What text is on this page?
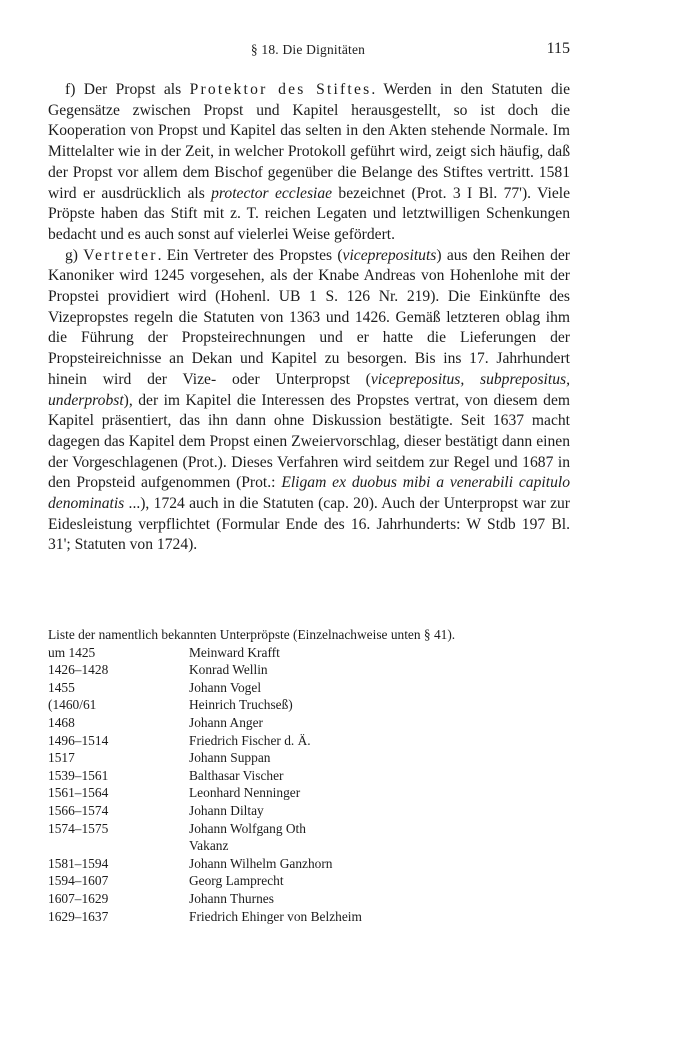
§ 18. Die Dignitäten	115

f) Der Propst als Protektor des Stiftes. Werden in den Statuten die Gegensätze zwischen Propst und Kapitel herausgestellt, so ist doch die Kooperation von Propst und Kapitel das selten in den Akten stehende Normale. Im Mittelalter wie in der Zeit, in welcher Protokoll geführt wird, zeigt sich häufig, daß der Propst vor allem dem Bischof gegenüber die Belange des Stiftes vertritt. 1581 wird er ausdrücklich als protector ecclesiae bezeichnet (Prot. 3 I Bl. 77'). Viele Pröpste haben das Stift mit z. T. reichen Legaten und letztwilligen Schenkungen bedacht und es auch sonst auf vielerlei Weise gefördert.

g) Vertreter. Ein Vertreter des Propstes (vicepreposituts) aus den Reihen der Kanoniker wird 1245 vorgesehen, als der Knabe Andreas von Hohenlohe mit der Propstei providiert wird (Hohenl. UB 1 S. 126 Nr. 219). Die Einkünfte des Vizepropstes regeln die Statuten von 1363 und 1426. Gemäß letzteren oblag ihm die Führung der Propsteirechnungen und er hatte die Lieferungen der Propsteireichnisse an Dekan und Kapitel zu besorgen. Bis ins 17. Jahrhundert hinein wird der Vize- oder Unterpropst (viceprepositus, subprepositus, underprobst), der im Kapitel die Interessen des Propstes vertrat, von diesem dem Kapitel präsentiert, das ihn dann ohne Diskussion bestätigte. Seit 1637 macht dagegen das Kapitel dem Propst einen Zweiervorschlag, dieser bestätigt dann einen der Vorgeschlagenen (Prot.). Dieses Verfahren wird seitdem zur Regel und 1687 in den Propsteid aufgenommen (Prot.: Eligam ex duobus mibi a venerabili capitulo denominatis ...), 1724 auch in die Statuten (cap. 20). Auch der Unterpropst war zur Eidesleistung verpflichtet (Formular Ende des 16. Jahrhunderts: W Stdb 197 Bl. 31'; Statuten von 1724).

Liste der namentlich bekannten Unterpröpste (Einzelnachweise unten § 41).

um 1425	Meinward Krafft
1426–1428	Konrad Wellin
1455	Johann Vogel
(1460/61	Heinrich Truchseß)
1468	Johann Anger
1496–1514	Friedrich Fischer d. Ä.
1517	Johann Suppan
1539–1561	Balthasar Vischer
1561–1564	Leonhard Nenninger
1566–1574	Johann Diltay
1574–1575	Johann Wolfgang Oth
Vakanz
1581–1594	Johann Wilhelm Ganzhorn
1594–1607	Georg Lamprecht
1607–1629	Johann Thurnes
1629–1637	Friedrich Ehinger von Belzheim
